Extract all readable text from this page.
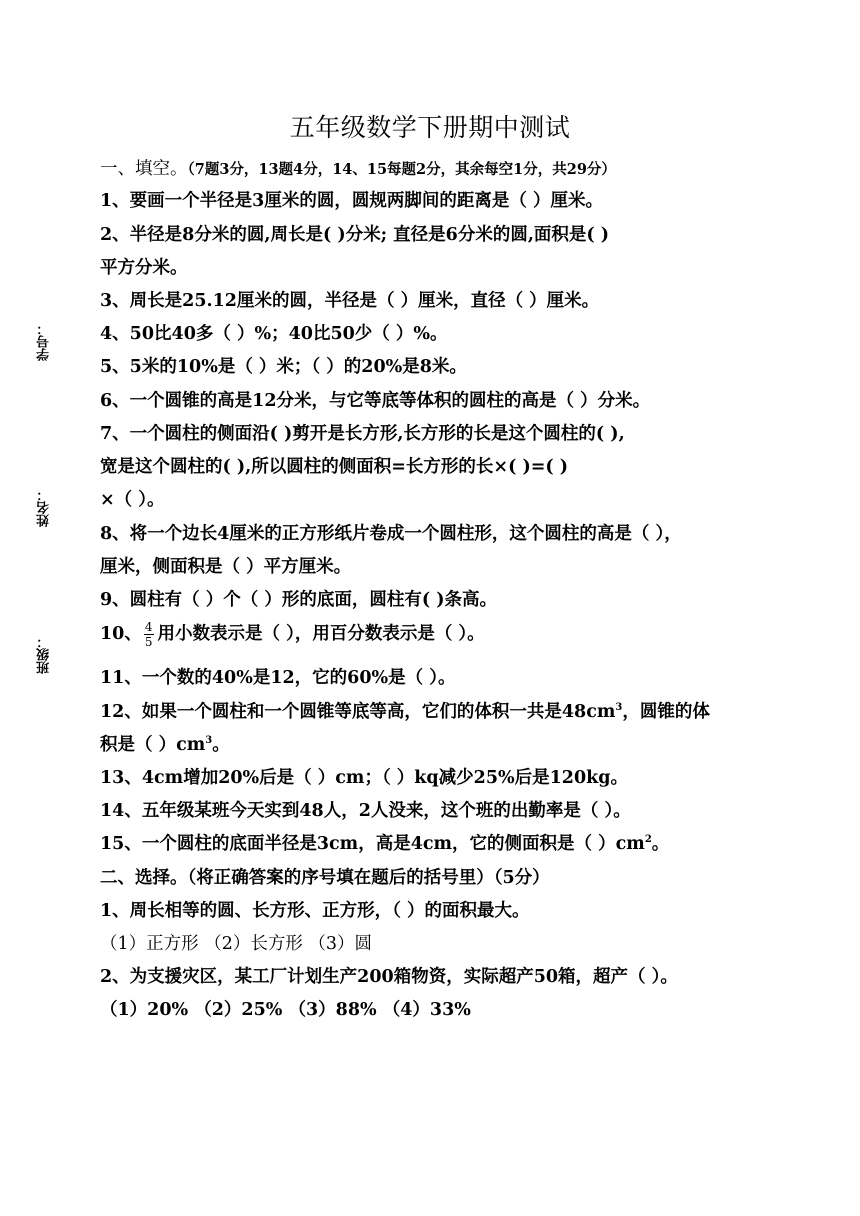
五年级数学下册期中测试
学号：
姓名：
班级：
一、填空。（7题3分，13题4分，14、15每题2分，其余每空1分，共29分）
1、要画一个半径是3厘米的圆，圆规两脚间的距离是（ ）厘米。
2、半径是8分米的圆,周长是( )分米; 直径是6分米的圆,面积是( )
平方分米。
3、周长是25.12厘米的圆，半径是（ ）厘米，直径（ ）厘米。
4、50比40多（ ）%；40比50少（ ）%。
5、5米的10%是（ ）米；（ ）的20%是8米。
6、一个圆锥的高是12分米，与它等底等体积的圆柱的高是（ ）分米。
7、一个圆柱的侧面沿( )剪开是长方形,长方形的长是这个圆柱的( ),
宽是这个圆柱的( ),所以圆柱的侧面积=长方形的长×( )=( )
×（ ）。
8、将一个边长4厘米的正方形纸片卷成一个圆柱形，这个圆柱的高是（ ），
厘米，侧面积是（ ）平方厘米。
9、圆柱有（ ）个（ ）形的底面，圆柱有( )条高。
10、 $\frac{4}{5}$ 用小数表示是（ ），用百分数表示是（ ）。
11、一个数的40%是12，它的60%是（ ）。
12、如果一个圆柱和一个圆锥等底等高，它们的体积一共是$48cm^3$，圆锥的体
积是（ ）$cm^3$。
13、4cm增加20%后是（ ）cm；（ ）kq减少25%后是120kg。
14、五年级某班今天实到48人，2人没来，这个班的出勤率是（ ）。
15、一个圆柱的底面半径是3cm，高是4cm，它的侧面积是（ ）$cm^2$。
二、选择。（将正确答案的序号填在题后的括号里）（5分）
1、周长相等的圆、长方形、正方形，（ ）的面积最大。
（1）正方形 （2）长方形 （3）圆
2、为支援灾区，某工厂计划生产200箱物资，实际超产50箱，超产（ ）。
（1）20% （2）25% （3）88% （4）33%
